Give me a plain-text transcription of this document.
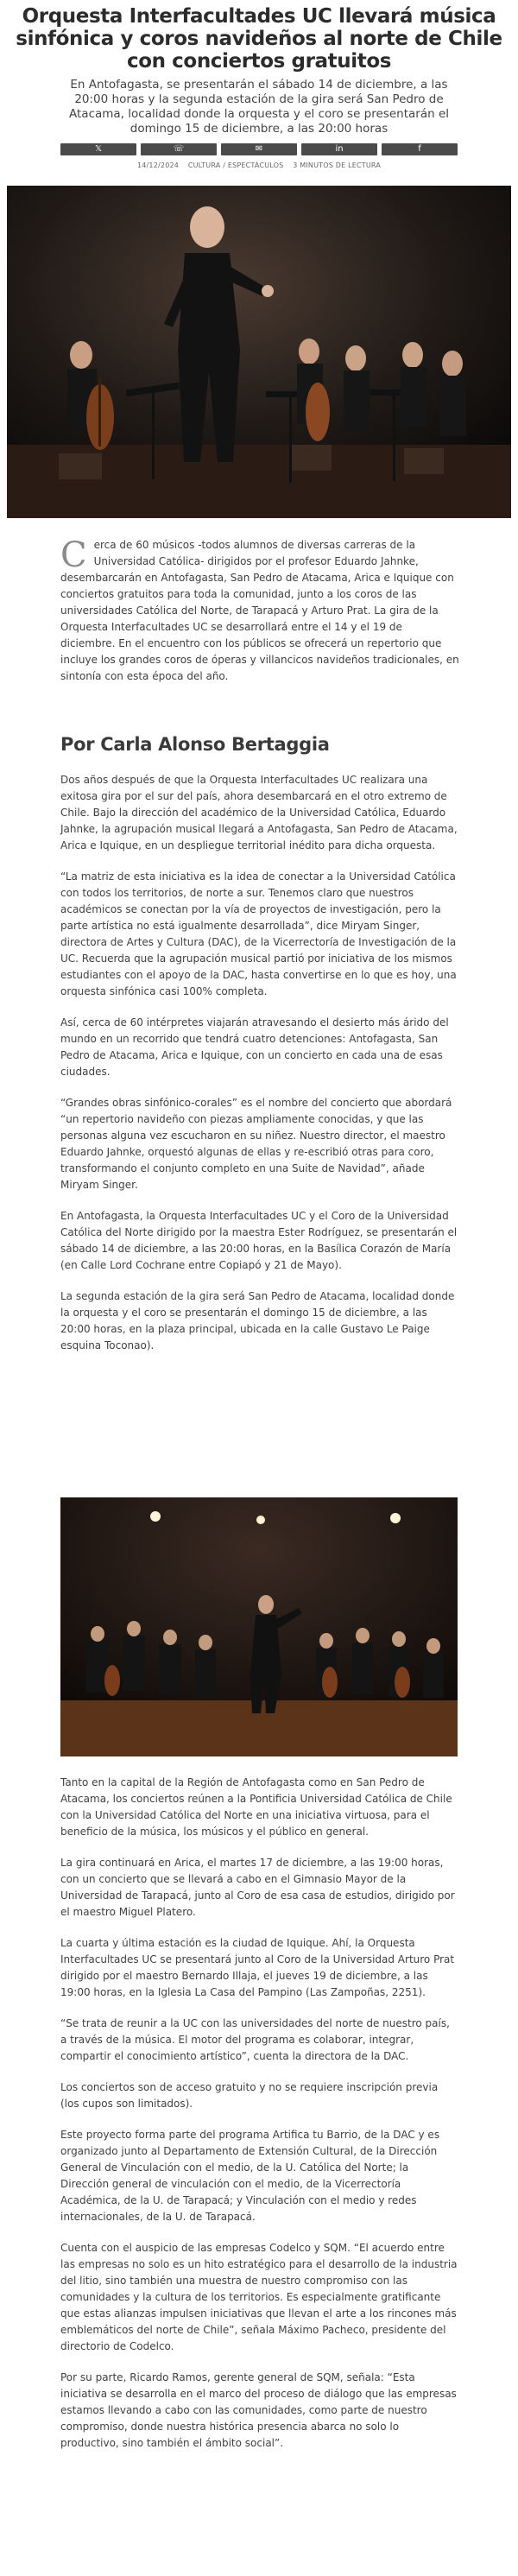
Orquesta Interfacultades UC llevará música sinfónica y coros navideños al norte de Chile con conciertos gratuitos
En Antofagasta, se presentarán el sábado 14 de diciembre, a las 20:00 horas y la segunda estación de la gira será San Pedro de Atacama, localidad donde la orquesta y el coro se presentarán el domingo 15 de diciembre, a las 20:00 horas
𝕏	☏	✉	in	f
14/12/2024 CULTURA / ESPECTÁCULOS 3 MINUTOS DE LECTURA

C erca de 60 músicos -todos alumnos de diversas carreras de la Universidad Católica- dirigidos por el profesor Eduardo Jahnke, desembarcarán en Antofagasta, San Pedro de Atacama, Arica e Iquique con conciertos gratuitos para toda la comunidad, junto a los coros de las universidades Católica del Norte, de Tarapacá y Arturo Prat. La gira de la Orquesta Interfacultades UC se desarrollará entre el 14 y el 19 de diciembre. En el encuentro con los públicos se ofrecerá un repertorio que incluye los grandes coros de óperas y villancicos navideños tradicionales, en sintonía con esta época del año.

Por Carla Alonso Bertaggia

Dos años después de que la Orquesta Interfacultades UC realizara una exitosa gira por el sur del país, ahora desembarcará en el otro extremo de Chile. Bajo la dirección del académico de la Universidad Católica, Eduardo Jahnke, la agrupación musical llegará a Antofagasta, San Pedro de Atacama, Arica e Iquique, en un despliegue territorial inédito para dicha orquesta.

“La matriz de esta iniciativa es la idea de conectar a la Universidad Católica con todos los territorios, de norte a sur. Tenemos claro que nuestros académicos se conectan por la vía de proyectos de investigación, pero la parte artística no está igualmente desarrollada”, dice Miryam Singer, directora de Artes y Cultura (DAC), de la Vicerrectoría de Investigación de la UC. Recuerda que la agrupación musical partió por iniciativa de los mismos estudiantes con el apoyo de la DAC, hasta convertirse en lo que es hoy, una orquesta sinfónica casi 100% completa.

Así, cerca de 60 intérpretes viajarán atravesando el desierto más árido del mundo en un recorrido que tendrá cuatro detenciones: Antofagasta, San Pedro de Atacama, Arica e Iquique, con un concierto en cada una de esas ciudades.

“Grandes obras sinfónico-corales” es el nombre del concierto que abordará “un repertorio navideño con piezas ampliamente conocidas, y que las personas alguna vez escucharon en su niñez. Nuestro director, el maestro Eduardo Jahnke, orquestó algunas de ellas y re-escribió otras para coro, transformando el conjunto completo en una Suite de Navidad”, añade Miryam Singer.

En Antofagasta, la Orquesta Interfacultades UC y el Coro de la Universidad Católica del Norte dirigido por la maestra Ester Rodríguez, se presentarán el sábado 14 de diciembre, a las 20:00 horas, en la Basílica Corazón de María (en Calle Lord Cochrane entre Copiapó y 21 de Mayo).

La segunda estación de la gira será San Pedro de Atacama, localidad donde la orquesta y el coro se presentarán el domingo 15 de diciembre, a las 20:00 horas, en la plaza principal, ubicada en la calle Gustavo Le Paige esquina Toconao).

Tanto en la capital de la Región de Antofagasta como en San Pedro de Atacama, los conciertos reúnen a la Pontificia Universidad Católica de Chile con la Universidad Católica del Norte en una iniciativa virtuosa, para el beneficio de la música, los músicos y el público en general.

La gira continuará en Arica, el martes 17 de diciembre, a las 19:00 horas, con un concierto que se llevará a cabo en el Gimnasio Mayor de la Universidad de Tarapacá, junto al Coro de esa casa de estudios, dirigido por el maestro Miguel Platero.

La cuarta y última estación es la ciudad de Iquique. Ahí, la Orquesta Interfacultades UC se presentará junto al Coro de la Universidad Arturo Prat dirigido por el maestro Bernardo Illaja, el jueves 19 de diciembre, a las 19:00 horas, en la Iglesia La Casa del Pampino (Las Zampoñas, 2251).

“Se trata de reunir a la UC con las universidades del norte de nuestro país, a través de la música. El motor del programa es colaborar, integrar, compartir el conocimiento artístico”, cuenta la directora de la DAC.

Los conciertos son de acceso gratuito y no se requiere inscripción previa (los cupos son limitados).

Este proyecto forma parte del programa Artifica tu Barrio, de la DAC y es organizado junto al Departamento de Extensión Cultural, de la Dirección General de Vinculación con el medio, de la U. Católica del Norte; la Dirección general de vinculación con el medio, de la Vicerrectoría Académica, de la U. de Tarapacá; y Vinculación con el medio y redes internacionales, de la U. de Tarapacá.

Cuenta con el auspicio de las empresas Codelco y SQM. “El acuerdo entre las empresas no solo es un hito estratégico para el desarrollo de la industria del litio, sino también una muestra de nuestro compromiso con las comunidades y la cultura de los territorios. Es especialmente gratificante que estas alianzas impulsen iniciativas que llevan el arte a los rincones más emblemáticos del norte de Chile”, señala Máximo Pacheco, presidente del directorio de Codelco.

Por su parte, Ricardo Ramos, gerente general de SQM, señala: “Esta iniciativa se desarrolla en el marco del proceso de diálogo que las empresas estamos llevando a cabo con las comunidades, como parte de nuestro compromiso, donde nuestra histórica presencia abarca no solo lo productivo, sino también el ámbito social”.
